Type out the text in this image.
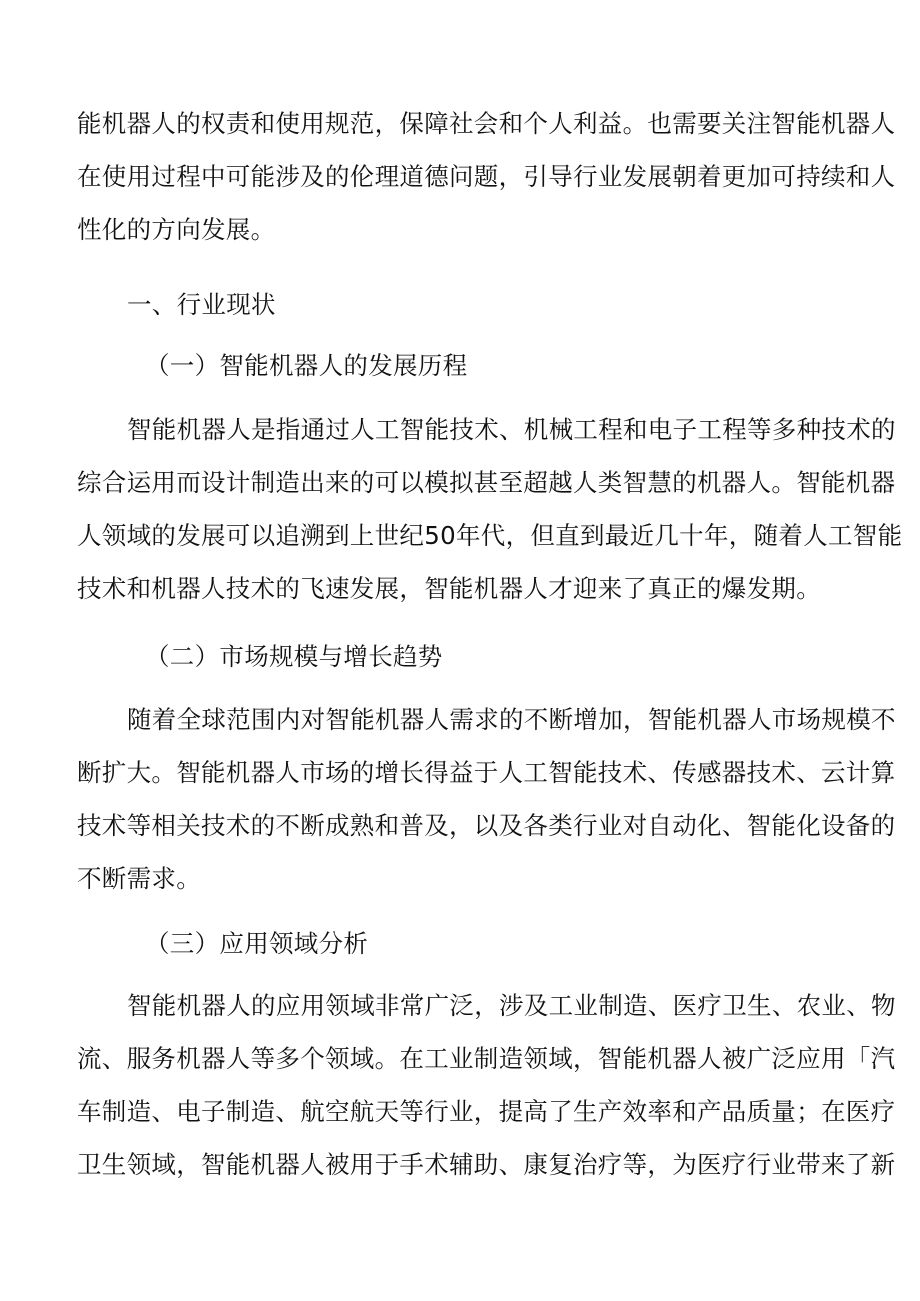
能机器人的权责和使用规范，保障社会和个人利益。也需要关注智能机器人
在使用过程中可能涉及的伦理道德问题，引导行业发展朝着更加可持续和人
性化的方向发展。
一、行业现状
（一）智能机器人的发展历程
智能机器人是指通过人工智能技术、机械工程和电子工程等多种技术的
综合运用而设计制造出来的可以模拟甚至超越人类智慧的机器人。智能机器
人领域的发展可以追溯到上世纪50年代，但直到最近几十年，随着人工智能
技术和机器人技术的飞速发展，智能机器人才迎来了真正的爆发期。
（二）市场规模与增长趋势
随着全球范围内对智能机器人需求的不断增加，智能机器人市场规模不
断扩大。智能机器人市场的增长得益于人工智能技术、传感器技术、云计算
技术等相关技术的不断成熟和普及，以及各类行业对自动化、智能化设备的
不断需求。
（三）应用领域分析
智能机器人的应用领域非常广泛，涉及工业制造、医疗卫生、农业、物
流、服务机器人等多个领域。在工业制造领域，智能机器人被广泛应用「汽
车制造、电子制造、航空航天等行业，提高了生产效率和产品质量；在医疗
卫生领域，智能机器人被用于手术辅助、康复治疗等，为医疗行业带来了新
